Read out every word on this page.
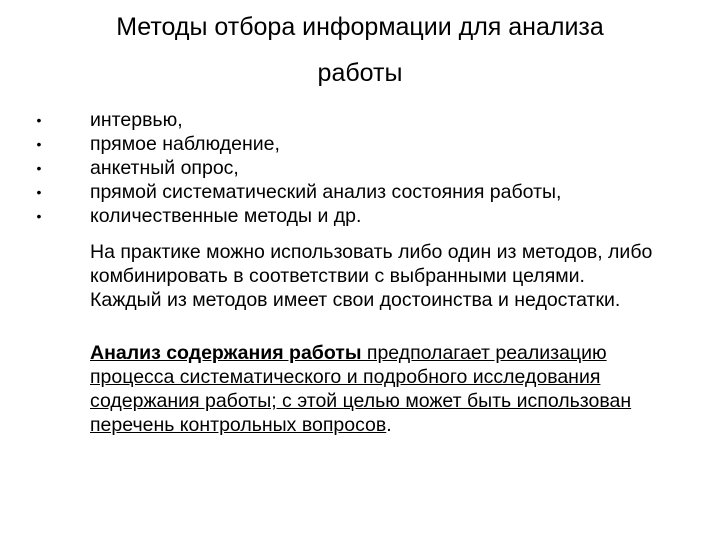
Методы отбора информации для анализа
работы
• интервью,
• прямое наблюдение,
• анкетный опрос,
• прямой систематический анализ состояния работы,
• количественные методы и др.

На практике можно использовать либо один из методов, либо комбинировать в соответствии с выбранными целями. Каждый из методов имеет свои достоинства и недостатки.

Анализ содержания работы предполагает реализацию процесса систематического и подробного исследования содержания работы; с этой целью может быть использован перечень контрольных вопросов.
